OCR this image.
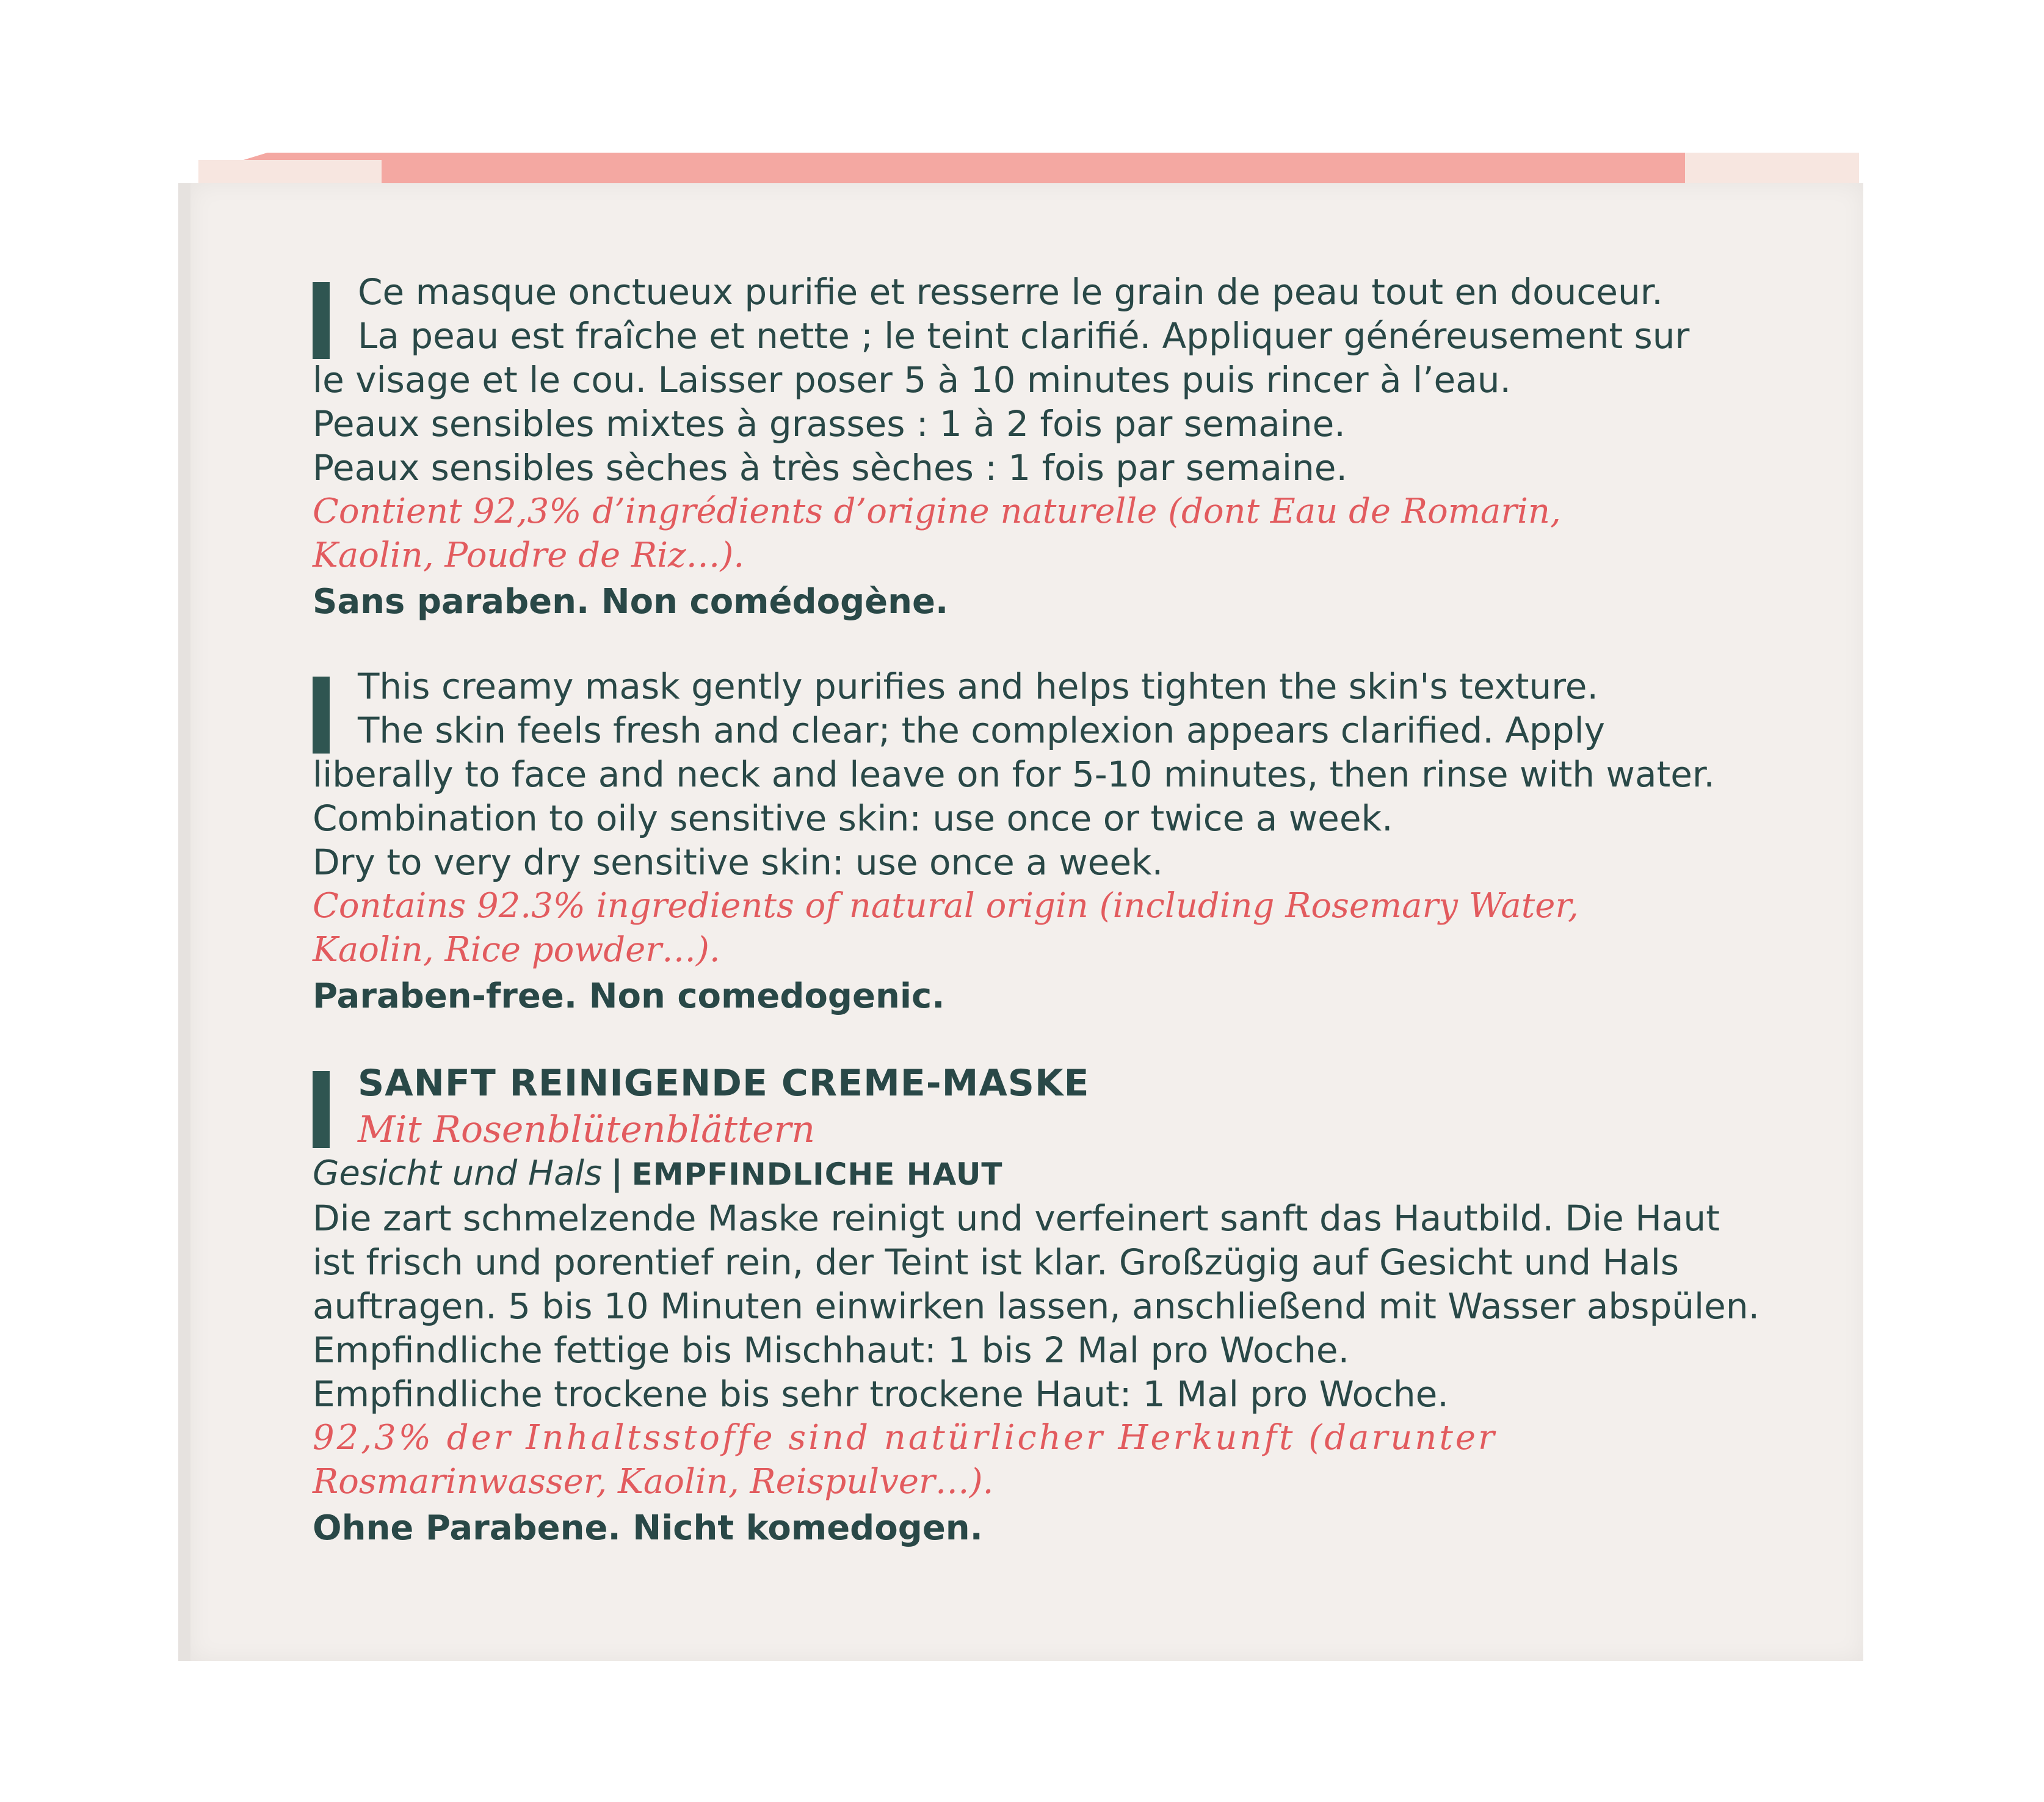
Ce masque onctueux purifie et resserre le grain de peau tout en douceur.
La peau est fraîche et nette ; le teint clarifié. Appliquer généreusement sur
le visage et le cou. Laisser poser 5 à 10 minutes puis rincer à l’eau.
Peaux sensibles mixtes à grasses : 1 à 2 fois par semaine.
Peaux sensibles sèches à très sèches : 1 fois par semaine.
Contient 92,3% d’ingrédients d’origine naturelle (dont Eau de Romarin,
Kaolin, Poudre de Riz…).
Sans paraben. Non comédogène.
This creamy mask gently purifies and helps tighten the skin's texture.
The skin feels fresh and clear; the complexion appears clarified. Apply
liberally to face and neck and leave on for 5-10 minutes, then rinse with water.
Combination to oily sensitive skin: use once or twice a week.
Dry to very dry sensitive skin: use once a week.
Contains 92.3% ingredients of natural origin (including Rosemary Water,
Kaolin, Rice powder…).
Paraben-free. Non comedogenic.
SANFT REINIGENDE CREME-MASKE
Mit Rosenblütenblättern
Gesicht und Hals | EMPFINDLICHE HAUT
Die zart schmelzende Maske reinigt und verfeinert sanft das Hautbild. Die Haut
ist frisch und porentief rein, der Teint ist klar. Großzügig auf Gesicht und Hals
auftragen. 5 bis 10 Minuten einwirken lassen, anschließend mit Wasser abspülen.
Empfindliche fettige bis Mischhaut: 1 bis 2 Mal pro Woche.
Empfindliche trockene bis sehr trockene Haut: 1 Mal pro Woche.
92,3% der Inhaltsstoffe sind natürlicher Herkunft (darunter
Rosmarinwasser, Kaolin, Reispulver…).
Ohne Parabene. Nicht komedogen.
